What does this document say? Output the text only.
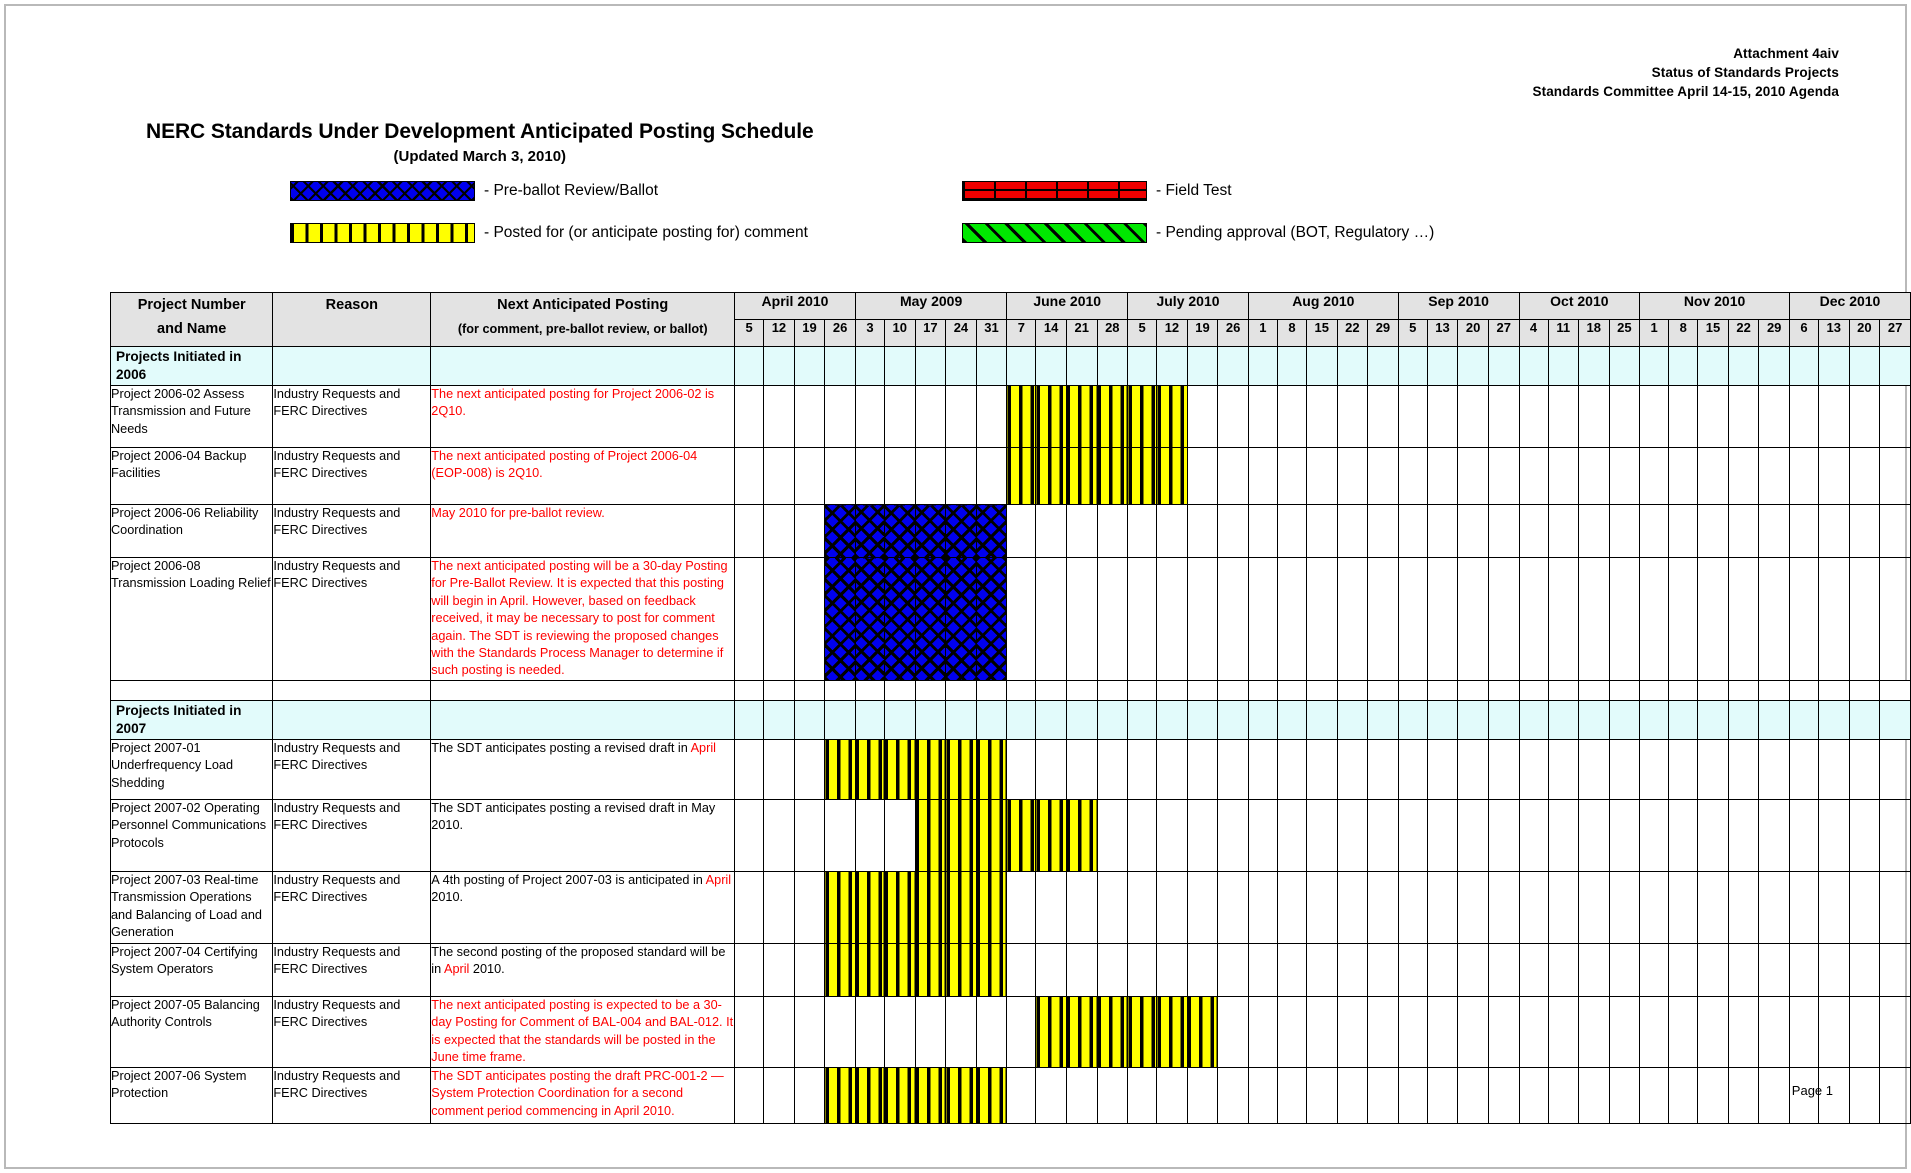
Attachment 4aiv
Status of Standards Projects
Standards Committee April 14-15, 2010 Agenda
NERC Standards Under Development Anticipated Posting Schedule
(Updated March 3, 2010)
- Pre-ballot Review/Ballot	- Field Test
- Posted for (or anticipate posting for) comment	- Pending approval (BOT, Regulatory …)
Project Number
and Name	Reason	Next Anticipated Posting
(for comment, pre-ballot review, or ballot)	April 2010				May 2009					June 2010				July 2010				Aug 2010					Sep 2010				Oct 2010				Nov 2010					Dec 2010			
			5	12	19	26	3	10	17	24	31	7	14	21	28	5	12	19	26	1	8	15	22	29	5	13	20	27	4	11	18	25	1	8	15	22	29	6	13	20	27
Projects Initiated in 2006																																									
Project 2006-02 Assess Transmission and Future Needs	Industry Requests and FERC Directives	The next anticipated posting for Project 2006-02 is 2Q10.																																							
Project 2006-04 Backup Facilities	Industry Requests and FERC Directives	The next anticipated posting of Project 2006-04 (EOP-008) is 2Q10.																																							
Project 2006-06 Reliability Coordination	Industry Requests and FERC Directives	May 2010 for pre-ballot review.																																							
Project 2006-08 Transmission Loading Relief	Industry Requests and FERC Directives	The next anticipated posting will be a 30-day Posting for Pre-Ballot Review. It is expected that this posting will begin in April. However, based on feedback received, it may be necessary to post for comment again. The SDT is reviewing the proposed changes with the Standards Process Manager to determine if such posting is needed.																																							

Projects Initiated in 2007																																									
Project 2007-01 Underfrequency Load Shedding	Industry Requests and FERC Directives	The SDT anticipates posting a revised draft in April																																							
Project 2007-02 Operating Personnel Communications Protocols	Industry Requests and FERC Directives	The SDT anticipates posting a revised draft in May 2010.																																							
Project 2007-03 Real-time Transmission Operations and Balancing of Load and Generation	Industry Requests and FERC Directives	A 4th posting of Project 2007-03 is anticipated in April 2010.																																							
Project 2007-04 Certifying System Operators	Industry Requests and FERC Directives	The second posting of the proposed standard will be in April 2010.																																							
Project 2007-05 Balancing Authority Controls	Industry Requests and FERC Directives	The next anticipated posting is expected to be a 30-day Posting for Comment of BAL-004 and BAL-012. It is expected that the standards will be posted in the June time frame.																																							
Project 2007-06 System Protection	Industry Requests and FERC Directives	The SDT anticipates posting the draft PRC-001-2 — System Protection Coordination for a second comment period commencing in April 2010.																																							
Page 1
